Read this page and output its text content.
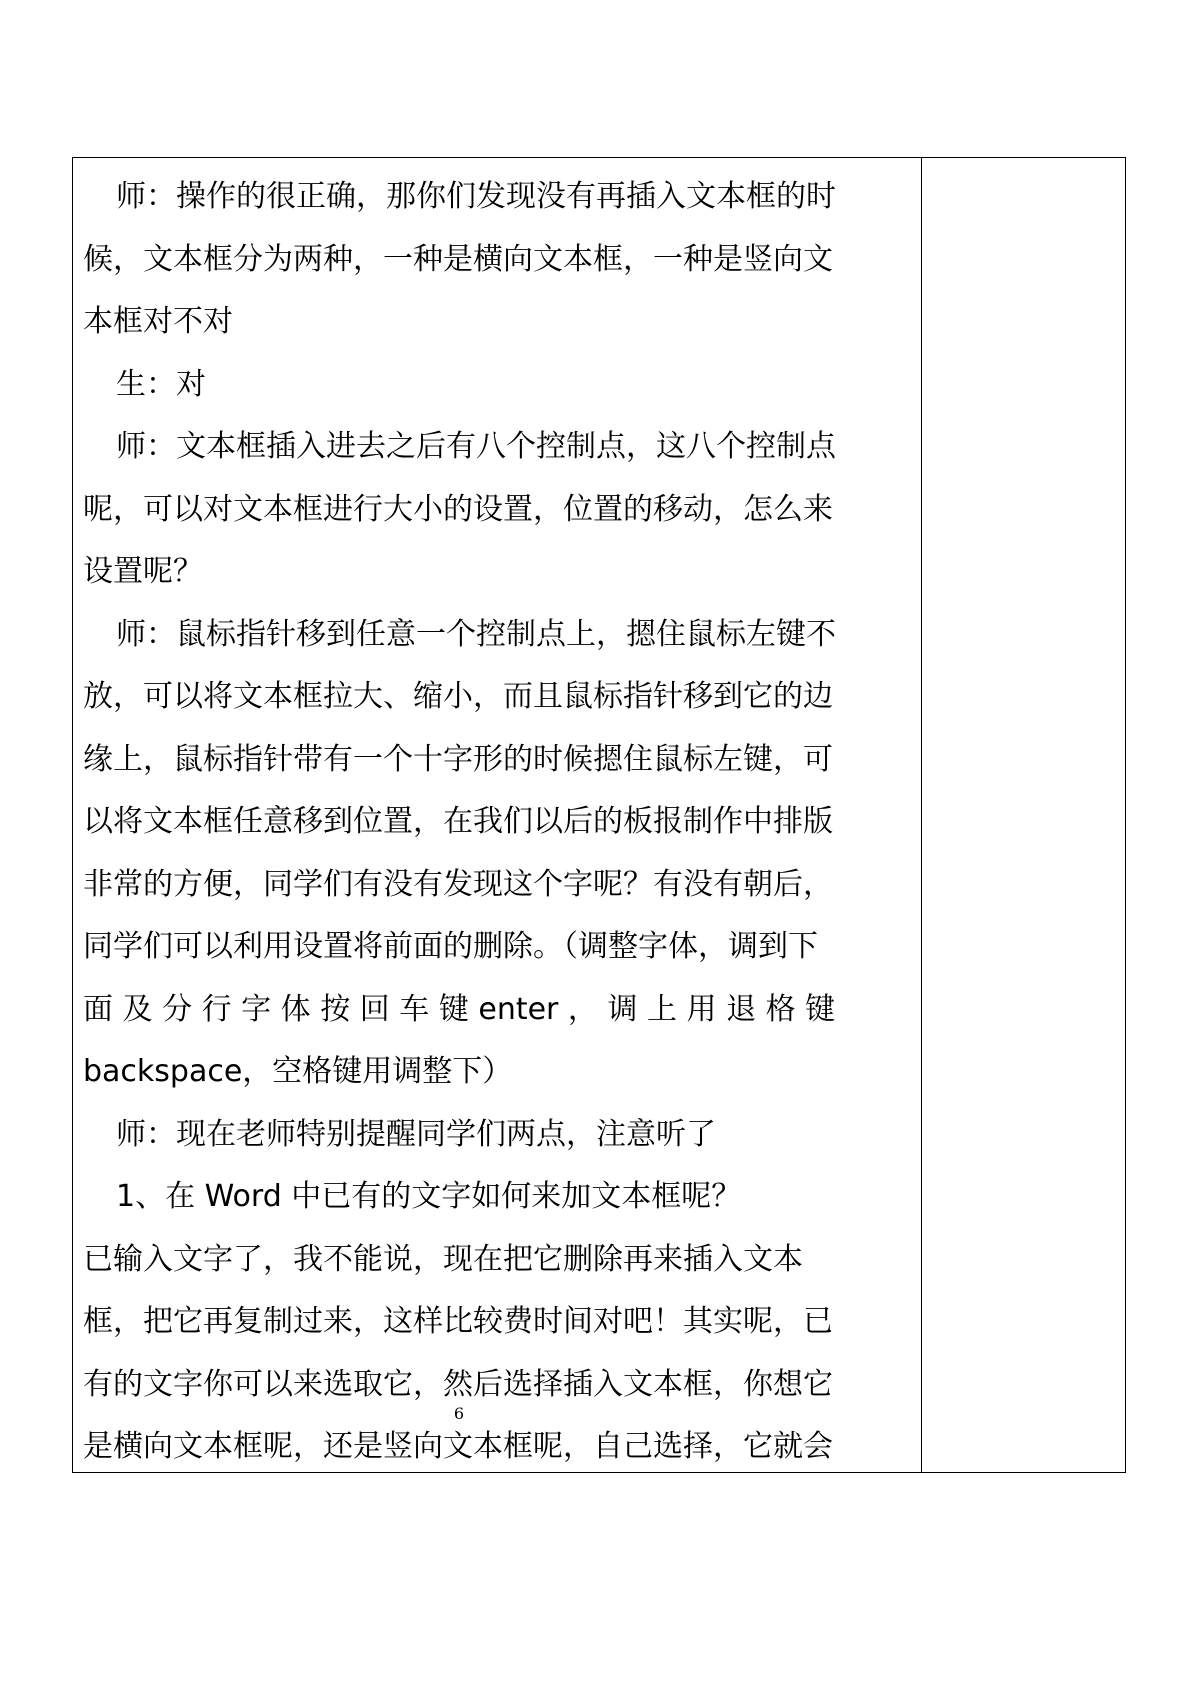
师：操作的很正确，那你们发现没有再插入文本框的时
候，文本框分为两种，一种是横向文本框，一种是竖向文
本框对不对
生：对
师：文本框插入进去之后有八个控制点，这八个控制点
呢，可以对文本框进行大小的设置，位置的移动，怎么来
设置呢？
师：鼠标指针移到任意一个控制点上，摁住鼠标左键不
放，可以将文本框拉大、缩小，而且鼠标指针移到它的边
缘上，鼠标指针带有一个十字形的时候摁住鼠标左键，可
以将文本框任意移到位置，在我们以后的板报制作中排版
非常的方便，同学们有没有发现这个字呢？有没有朝后，
同学们可以利用设置将前面的删除。（调整字体，调到下
面 及 分 行 字 体 按 回 车 键 enter ， 调 上 用 退 格 键
backspace，空格键用调整下）
师：现在老师特别提醒同学们两点，注意听了
1、在 Word 中已有的文字如何来加文本框呢？
已输入文字了，我不能说，现在把它删除再来插入文本
框，把它再复制过来，这样比较费时间对吧！其实呢，已
有的文字你可以来选取它，然后选择插入文本框，你想它
是横向文本框呢，还是竖向文本框呢，自己选择，它就会
6
